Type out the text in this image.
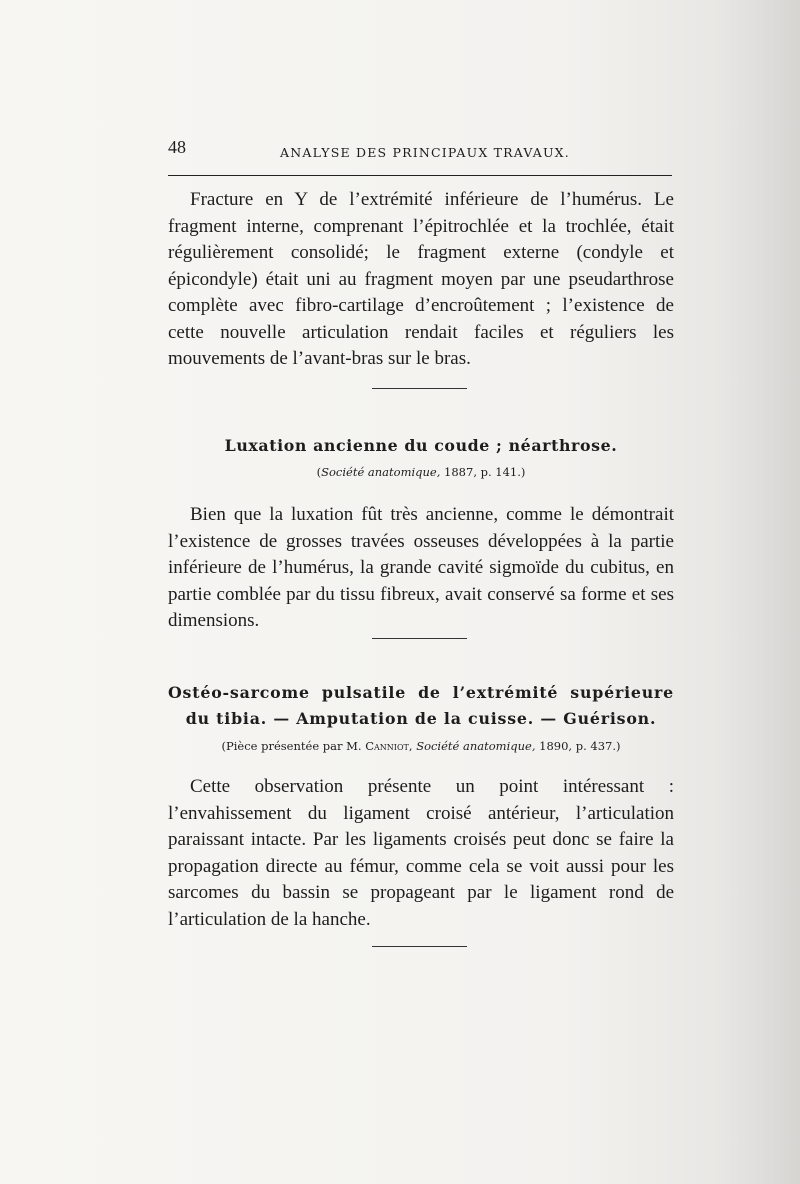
48	ANALYSE DES PRINCIPAUX TRAVAUX.

Fracture en Y de l’extrémité inférieure de l’humérus. Le fragment interne, comprenant l’épitrochlée et la trochlée, était régulièrement consolidé; le fragment externe (condyle et épicondyle) était uni au fragment moyen par une pseudarthrose complète avec fibro-cartilage d’encroûtement ; l’existence de cette nouvelle articulation rendait faciles et réguliers les mouvements de l’avant-bras sur le bras.

Luxation ancienne du coude ; néarthrose.
(Société anatomique, 1887, p. 141.)

Bien que la luxation fût très ancienne, comme le démontrait l’existence de grosses travées osseuses développées à la partie inférieure de l’humérus, la grande cavité sigmoïde du cubitus, en partie comblée par du tissu fibreux, avait conservé sa forme et ses dimensions.

Ostéo-sarcome pulsatile de l’extrémité supérieure du tibia. — Amputation de la cuisse. — Guérison.
(Pièce présentée par M. Canniot, Société anatomique, 1890, p. 437.)

Cette observation présente un point intéressant : l’envahissement du ligament croisé antérieur, l’articulation paraissant intacte. Par les ligaments croisés peut donc se faire la propagation directe au fémur, comme cela se voit aussi pour les sarcomes du bassin se propageant par le ligament rond de l’articulation de la hanche.
